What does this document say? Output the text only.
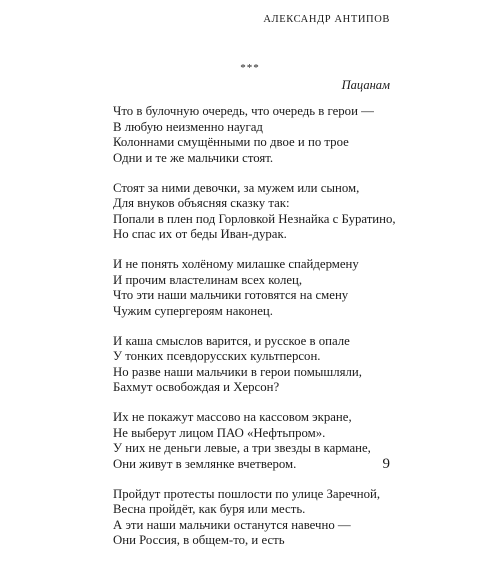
АЛЕКСАНДР АНТИПОВ
***
Пацанам
Что в булочную очередь, что очередь в герои —
В любую неизменно наугад
Колоннами смущёнными по двое и по трое
Одни и те же мальчики стоят.
Стоят за ними девочки, за мужем или сыном,
Для внуков объясняя сказку так:
Попали в плен под Горловкой Незнайка с Буратино,
Но спас их от беды Иван-дурак.
И не понять холёному милашке спайдермену
И прочим властелинам всех колец,
Что эти наши мальчики готовятся на смену
Чужим супергероям наконец.
И каша смыслов варится, и русское в опале
У тонких псевдорусских культперсон.
Но разве наши мальчики в герои помышляли,
Бахмут освобождая и Херсон?
Их не покажут массово на кассовом экране,
Не выберут лицом ПАО «Нефтьпром».
У них не деньги левые, а три звезды в кармане,
Они живут в землянке вчетвером.
Пройдут протесты пошлости по улице Заречной,
Весна пройдёт, как буря или месть.
А эти наши мальчики останутся навечно —
Они Россия, в общем-то, и есть
9
